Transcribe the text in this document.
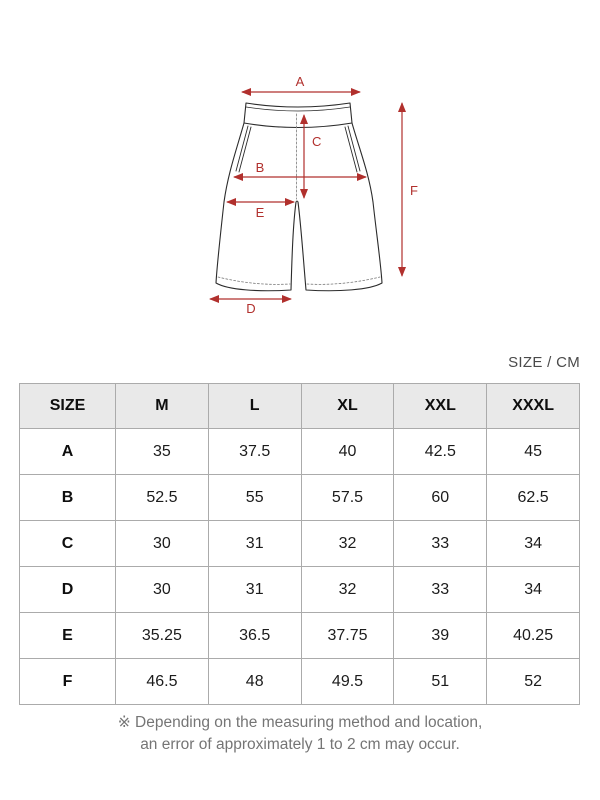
A
C
B
E
D
F
SIZE / CM
SIZE	M	L	XL	XXL	XXXL
A	35	37.5	40	42.5	45
B	52.5	55	57.5	60	62.5
C	30	31	32	33	34
D	30	31	32	33	34
E	35.25	36.5	37.75	39	40.25
F	46.5	48	49.5	51	52
※ Depending on the measuring method and location,
an error of approximately 1 to 2 cm may occur.
